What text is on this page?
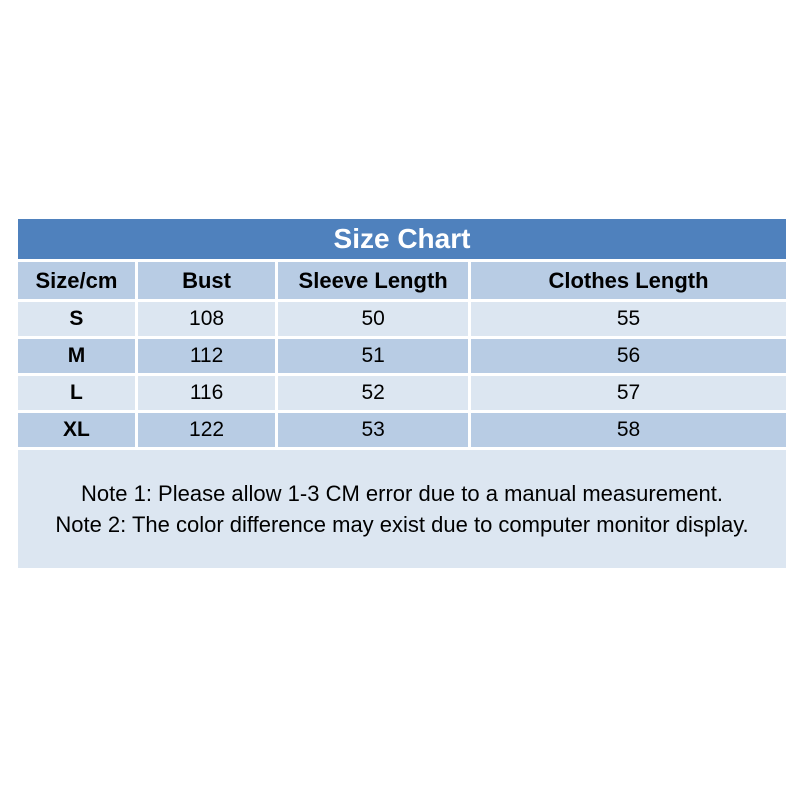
Size Chart			
Size/cm	Bust	Sleeve Length	Clothes Length
S	108	50	55
M	112	51	56
L	116	52	57
XL	122	53	58

Note 1: Please allow 1-3 CM error due to a manual measurement.
Note 2: The color difference may exist due to computer monitor display.			
